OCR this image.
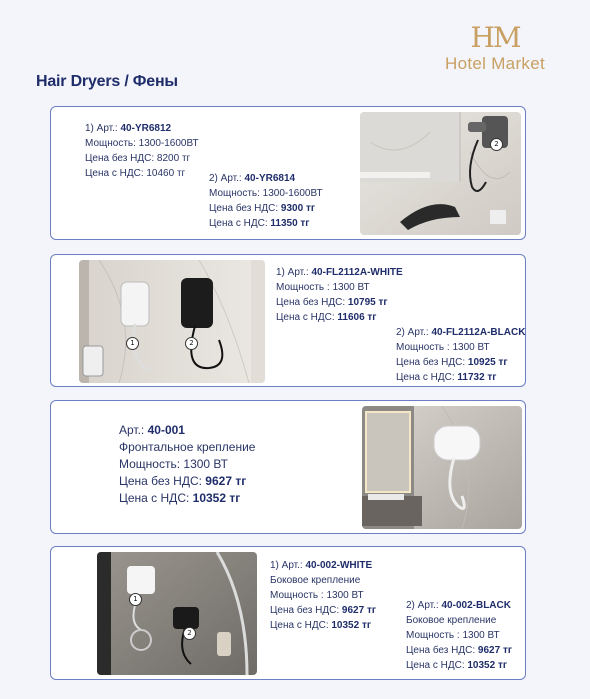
HM
Hotel Market
Hair Dryers / Фены
1) Арт.: 40-YR6812
Мощность: 1300-1600ВТ
Цена без НДС: 8200 тг
Цена с НДС: 10460 тг	2) Арт.: 40-YR6814
Мощность: 1300-1600ВТ
Цена без НДС: 9300 тг
Цена с НДС: 11350 тг
2
1	2
1) Арт.: 40-FL2112A-WHITE
Мощность : 1300 ВТ
Цена без НДС: 10795 тг
Цена с НДС: 11606 тг
2) Арт.: 40-FL2112A-BLACK
Мощность : 1300 ВТ
Цена без НДС: 10925 тг
Цена с НДС: 11732 тг
Арт.: 40-001
Фронтальное крепление
Мощность: 1300 ВТ
Цена без НДС: 9627 тг
Цена с НДС: 10352 тг
1
2
1) Арт.: 40-002-WHITE
Боковое крепление
Мощность : 1300 ВТ
Цена без НДС: 9627 тг
Цена с НДС: 10352 тг
2) Арт.: 40-002-BLACK
Боковое крепление
Мощность : 1300 ВТ
Цена без НДС: 9627 тг
Цена с НДС: 10352 тг
